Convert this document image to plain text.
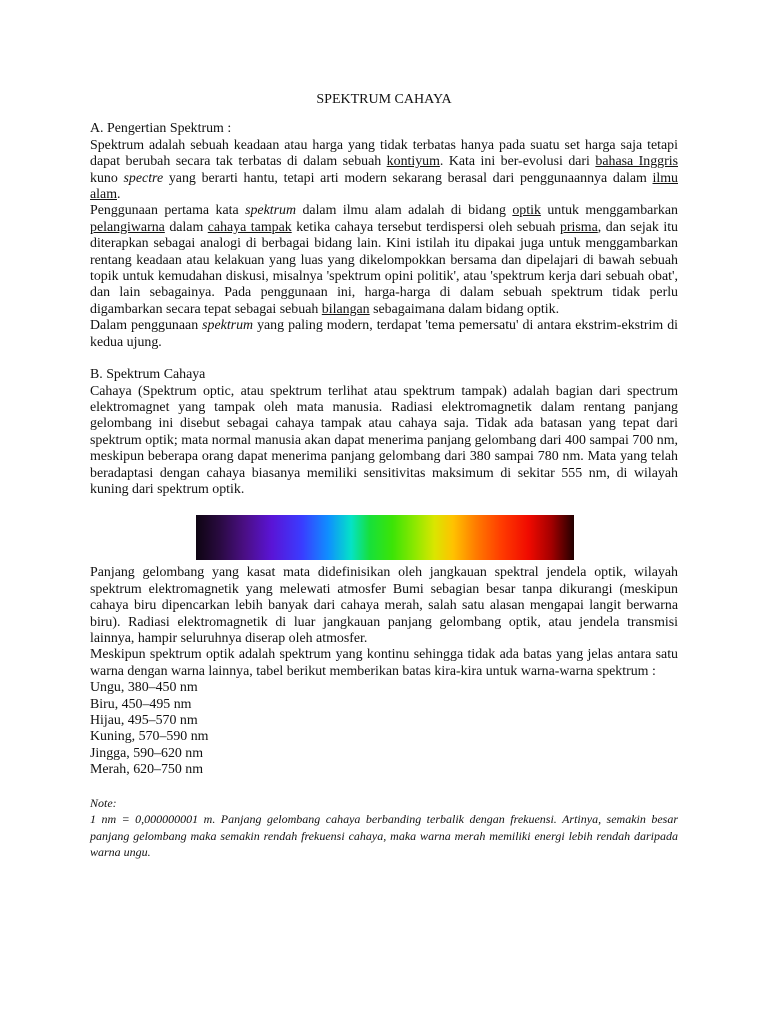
SPEKTRUM CAHAYA

A. Pengertian Spektrum :

Spektrum adalah sebuah keadaan atau harga yang tidak terbatas hanya pada suatu set harga saja tetapi dapat berubah secara tak terbatas di dalam sebuah kontiyum. Kata ini ber-evolusi dari bahasa Inggris kuno spectre yang berarti hantu, tetapi arti modern sekarang berasal dari penggunaannya dalam ilmu alam.

Penggunaan pertama kata spektrum dalam ilmu alam adalah di bidang optik untuk menggambarkan pelangiwarna dalam cahaya tampak ketika cahaya tersebut terdispersi oleh sebuah prisma, dan sejak itu diterapkan sebagai analogi di berbagai bidang lain. Kini istilah itu dipakai juga untuk menggambarkan rentang keadaan atau kelakuan yang luas yang dikelompokkan bersama dan dipelajari di bawah sebuah topik untuk kemudahan diskusi, misalnya 'spektrum opini politik', atau 'spektrum kerja dari sebuah obat', dan lain sebagainya. Pada penggunaan ini, harga-harga di dalam sebuah spektrum tidak perlu digambarkan secara tepat sebagai sebuah bilangan sebagaimana dalam bidang optik.

Dalam penggunaan spektrum yang paling modern, terdapat 'tema pemersatu' di antara ekstrim-ekstrim di kedua ujung.

B. Spektrum Cahaya

Cahaya (Spektrum optic, atau spektrum terlihat atau spektrum tampak) adalah bagian dari spectrum elektromagnet yang tampak oleh mata manusia. Radiasi elektromagnetik dalam rentang panjang gelombang ini disebut sebagai cahaya tampak atau cahaya saja. Tidak ada batasan yang tepat dari spektrum optik; mata normal manusia akan dapat menerima panjang gelombang dari 400 sampai 700 nm, meskipun beberapa orang dapat menerima panjang gelombang dari 380 sampai 780 nm. Mata yang telah beradaptasi dengan cahaya biasanya memiliki sensitivitas maksimum di sekitar 555 nm, di wilayah kuning dari spektrum optik.

Panjang gelombang yang kasat mata didefinisikan oleh jangkauan spektral jendela optik, wilayah spektrum elektromagnetik yang melewati atmosfer Bumi sebagian besar tanpa dikurangi (meskipun cahaya biru dipencarkan lebih banyak dari cahaya merah, salah satu alasan mengapai langit berwarna biru). Radiasi elektromagnetik di luar jangkauan panjang gelombang optik, atau jendela transmisi lainnya, hampir seluruhnya diserap oleh atmosfer.

Meskipun spektrum optik adalah spektrum yang kontinu sehingga tidak ada batas yang jelas antara satu warna dengan warna lainnya, tabel berikut memberikan batas kira-kira untuk warna-warna spektrum :

Ungu, 380–450 nm

Biru, 450–495 nm

Hijau, 495–570 nm

Kuning, 570–590 nm

Jingga, 590–620 nm

Merah, 620–750 nm

Note:

1 nm = 0,000000001 m. Panjang gelombang cahaya berbanding terbalik dengan frekuensi. Artinya, semakin besar panjang gelombang maka semakin rendah frekuensi cahaya, maka warna merah memiliki energi lebih rendah daripada warna ungu.
